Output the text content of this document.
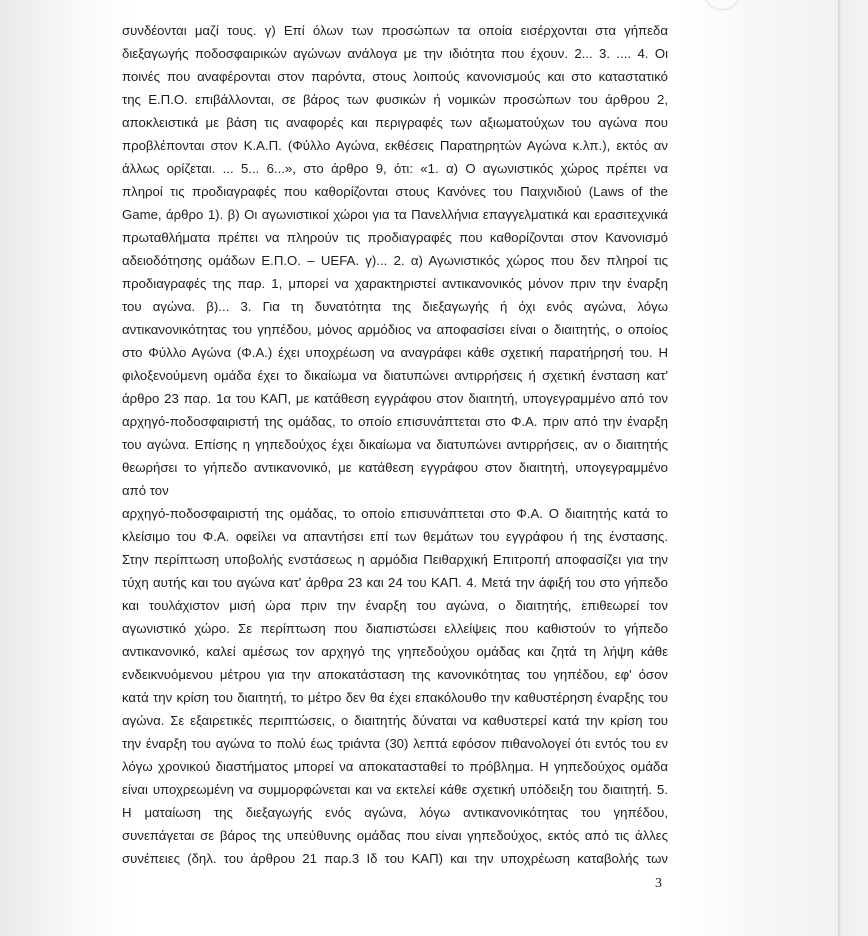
συνδέονται μαζί τους. γ) Επί όλων των προσώπων τα οποία εισέρχονται στα γήπεδα
διεξαγωγής ποδοσφαιρικών αγώνων ανάλογα με την ιδιότητα που έχουν. 2... 3. .... 4. Οι
ποινές που αναφέρονται στον παρόντα, στους λοιπούς κανονισμούς και στο καταστατικό
της Ε.Π.Ο. επιβάλλονται, σε βάρος των φυσικών ή νομικών προσώπων του άρθρου 2,
αποκλειστικά με βάση τις αναφορές και περιγραφές των αξιωματούχων του αγώνα που
προβλέπονται στον Κ.Α.Π. (Φύλλο Αγώνα, εκθέσεις Παρατηρητών Αγώνα κ.λπ.), εκτός αν
άλλως ορίζεται. ... 5... 6...», στο άρθρο 9, ότι: «1. α) Ο αγωνιστικός χώρος πρέπει να
πληροί τις προδιαγραφές που καθορίζονται στους Κανόνες του Παιχνιδιού (Laws of the
Game, άρθρο 1). β) Οι αγωνιστικοί χώροι για τα Πανελλήνια επαγγελματικά και ερασιτεχνικά
πρωταθλήματα πρέπει να πληρούν τις προδιαγραφές που καθορίζονται στον Κανονισμό
αδειοδότησης ομάδων Ε.Π.Ο. – UEFA. γ)... 2. α) Αγωνιστικός χώρος που δεν πληροί τις
προδιαγραφές της παρ. 1, μπορεί να χαρακτηριστεί αντικανονικός μόνον πριν την έναρξη
του αγώνα. β)... 3. Για τη δυνατότητα της διεξαγωγής ή όχι ενός αγώνα, λόγω
αντικανονικότητας του γηπέδου, μόνος αρμόδιος να αποφασίσει είναι ο διαιτητής, ο οποίος
στο Φύλλο Αγώνα (Φ.Α.) έχει υποχρέωση να αναγράφει κάθε σχετική παρατήρησή του. Η
φιλοξενούμενη ομάδα έχει το δικαίωμα να διατυπώνει αντιρρήσεις ή σχετική ένσταση κατ'
άρθρο 23 παρ. 1α του ΚΑΠ, με κατάθεση εγγράφου στον διαιτητή, υπογεγραμμένο από τον
αρχηγό-ποδοσφαιριστή της ομάδας, το οποίο επισυνάπτεται στο Φ.Α. πριν από την έναρξη
του αγώνα. Επίσης η γηπεδούχος έχει δικαίωμα να διατυπώνει αντιρρήσεις, αν ο διαιτητής
θεωρήσει το γήπεδο αντικανονικό, με κατάθεση εγγράφου στον διαιτητή, υπογεγραμμένο
από τον
αρχηγό-ποδοσφαιριστή της ομάδας, το οποίο επισυνάπτεται στο Φ.Α. Ο διαιτητής κατά το
κλείσιμο του Φ.Α. οφείλει να απαντήσει επί των θεμάτων του εγγράφου ή της ένστασης.
Στην περίπτωση υποβολής ενστάσεως η αρμόδια Πειθαρχική Επιτροπή αποφασίζει για την
τύχη αυτής και του αγώνα κατ' άρθρα 23 και 24 του ΚΑΠ. 4. Μετά την άφιξή του στο γήπεδο
και τουλάχιστον μισή ώρα πριν την έναρξη του αγώνα, ο διαιτητής, επιθεωρεί τον
αγωνιστικό χώρο. Σε περίπτωση που διαπιστώσει ελλείψεις που καθιστούν το γήπεδο
αντικανονικό, καλεί αμέσως τον αρχηγό της γηπεδούχου ομάδας και ζητά τη λήψη κάθε
ενδεικνυόμενου μέτρου για την αποκατάσταση της κανονικότητας του γηπέδου, εφ' όσον
κατά την κρίση του διαιτητή, το μέτρο δεν θα έχει επακόλουθο την καθυστέρηση έναρξης του
αγώνα. Σε εξαιρετικές περιπτώσεις, ο διαιτητής δύναται να καθυστερεί κατά την κρίση του
την έναρξη του αγώνα το πολύ έως τριάντα (30) λεπτά εφόσον πιθανολογεί ότι εντός του εν
λόγω χρονικού διαστήματος μπορεί να αποκατασταθεί το πρόβλημα. Η γηπεδούχος ομάδα
είναι υποχρεωμένη να συμμορφώνεται και να εκτελεί κάθε σχετική υπόδειξη του διαιτητή. 5.
Η ματαίωση της διεξαγωγής ενός αγώνα, λόγω αντικανονικότητας του γηπέδου,
συνεπάγεται σε βάρος της υπεύθυνης ομάδας που είναι γηπεδούχος, εκτός από τις άλλες
συνέπειες (δηλ. του άρθρου 21 παρ.3 Ιδ του ΚΑΠ) και την υποχρέωση καταβολής των
3
